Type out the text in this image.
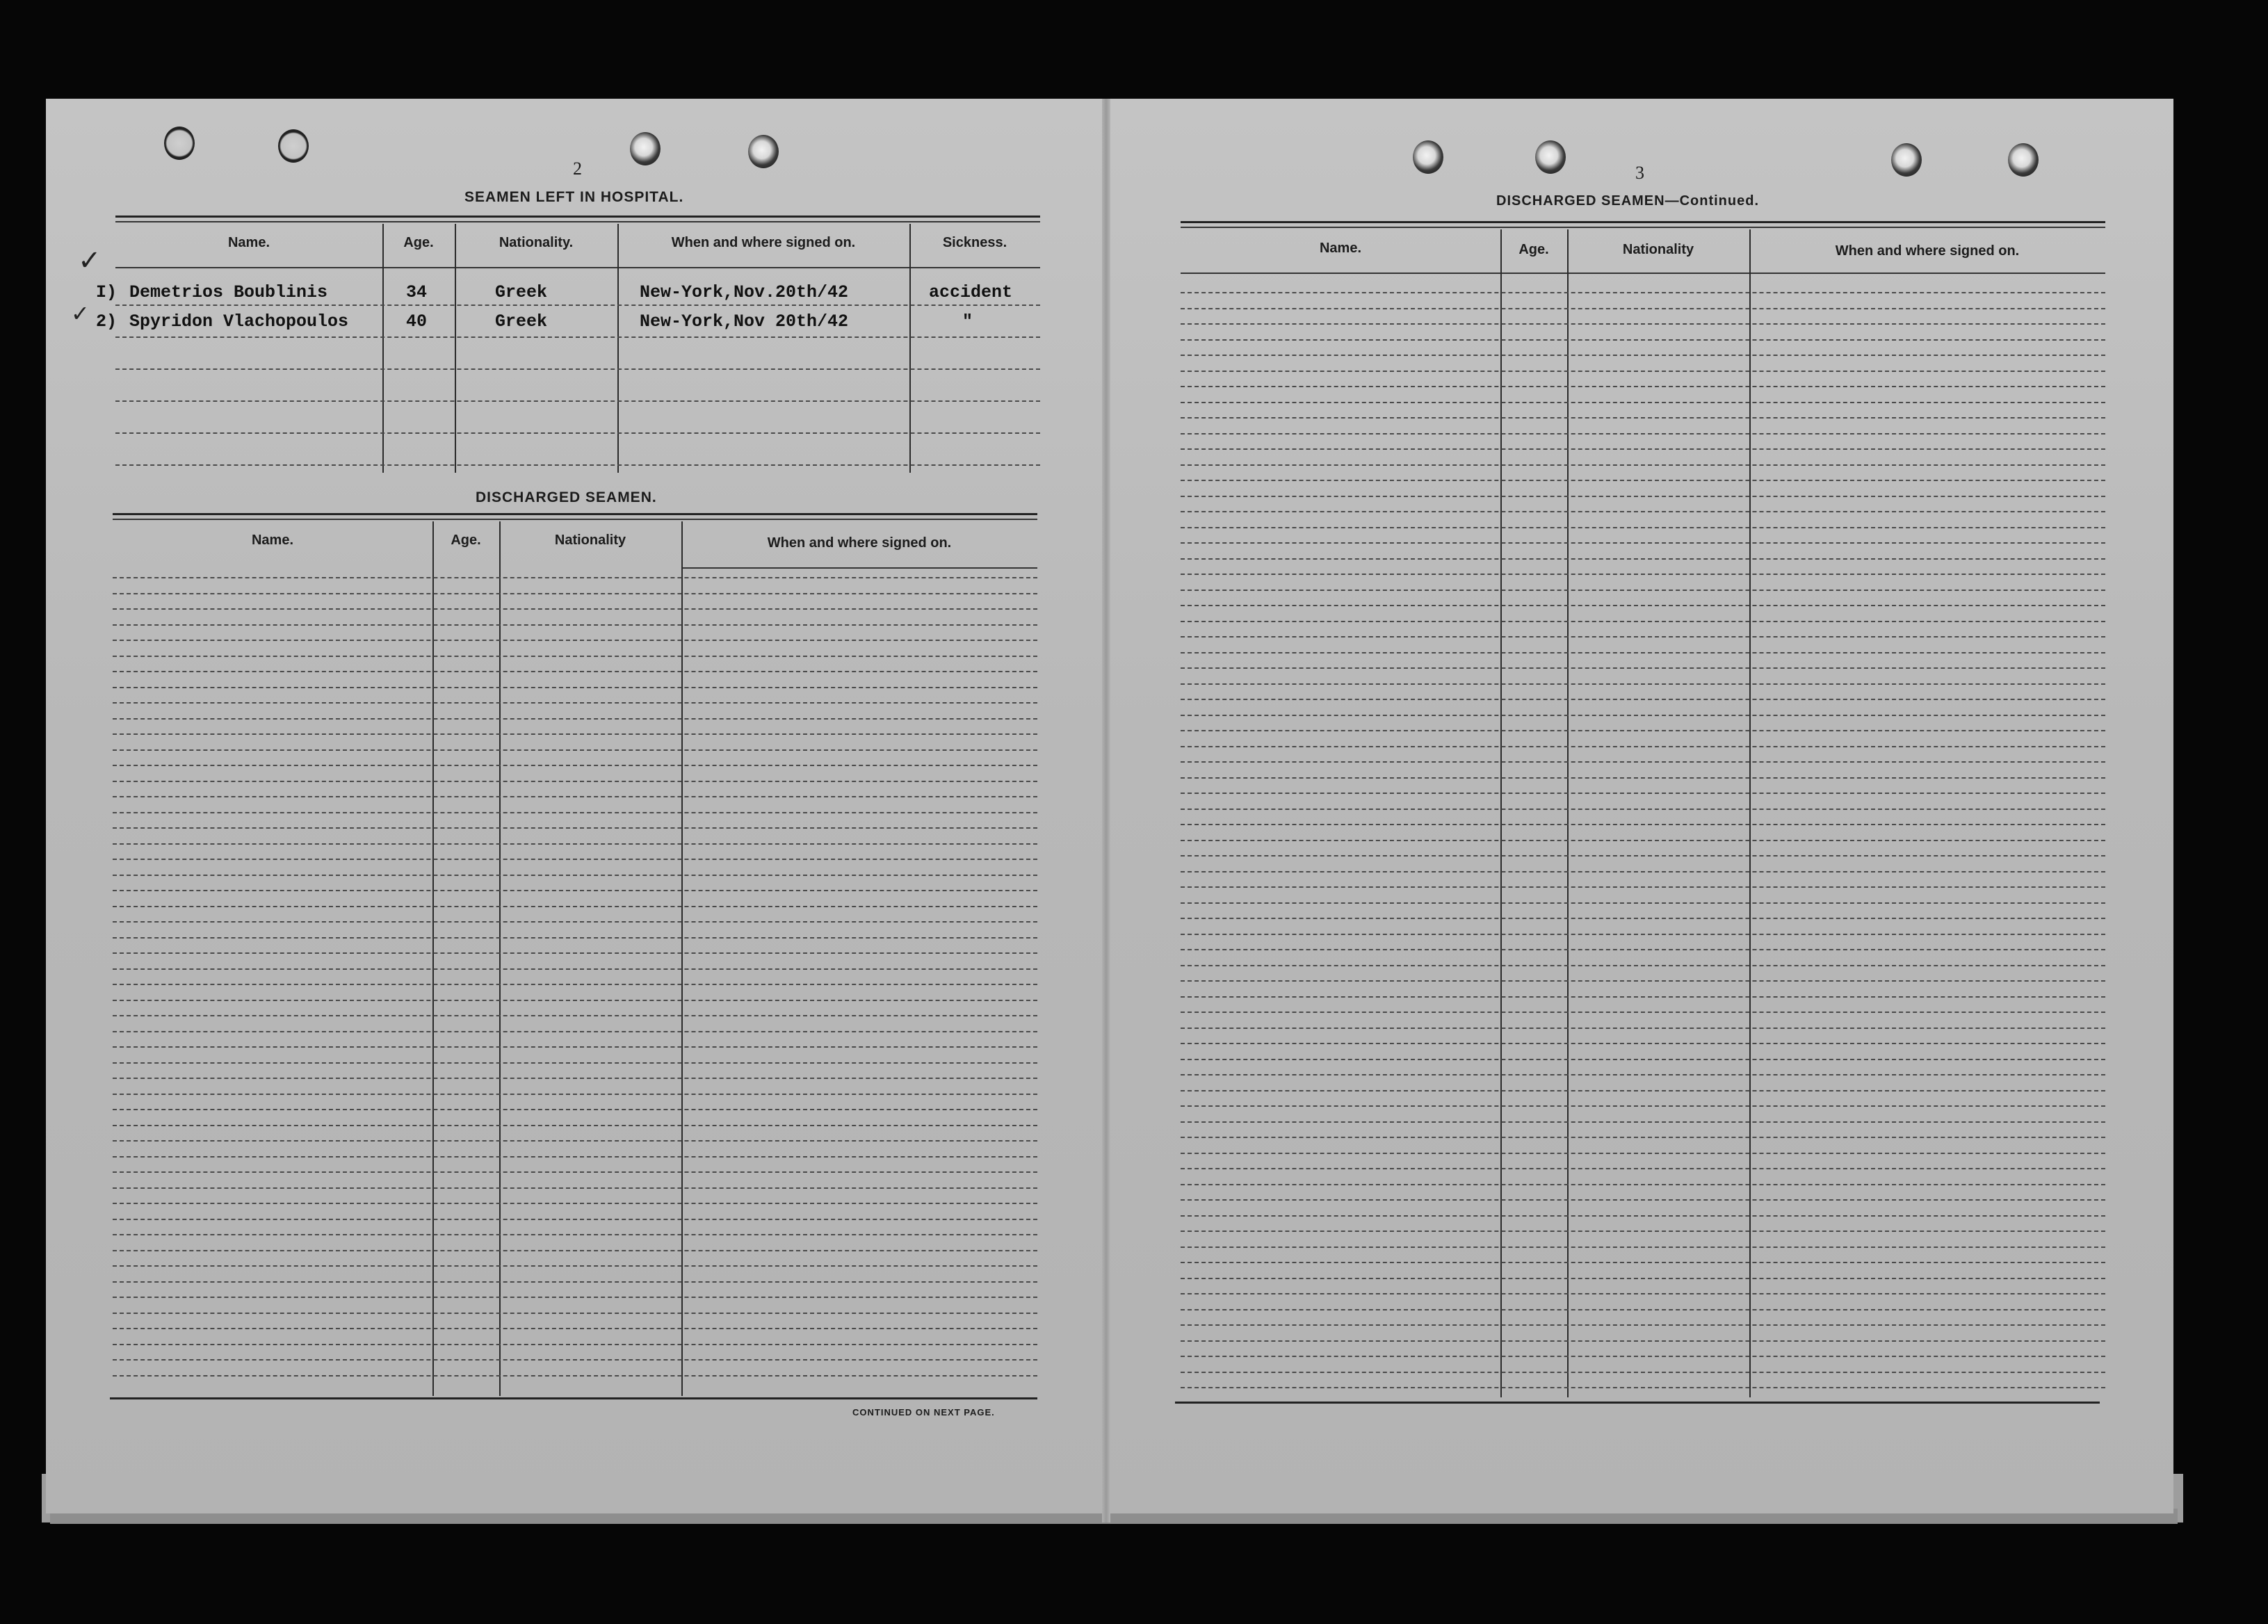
2
SEAMEN LEFT IN HOSPITAL.
Name.	Age.	Nationality.	When and where signed on.	Sickness.
✓
I) Demetrios Boublinis	34	Greek	New-York,Nov.20th/42	accident
✓ 2) Spyridon Vlachopoulos	40	Greek	New-York,Nov 20th/42	"
DISCHARGED SEAMEN.
Name.	Age.	Nationality	When and where signed on.
CONTINUED ON NEXT PAGE.
3
DISCHARGED SEAMEN—Continued.
Name.	Age.	Nationality	When and where signed on.
